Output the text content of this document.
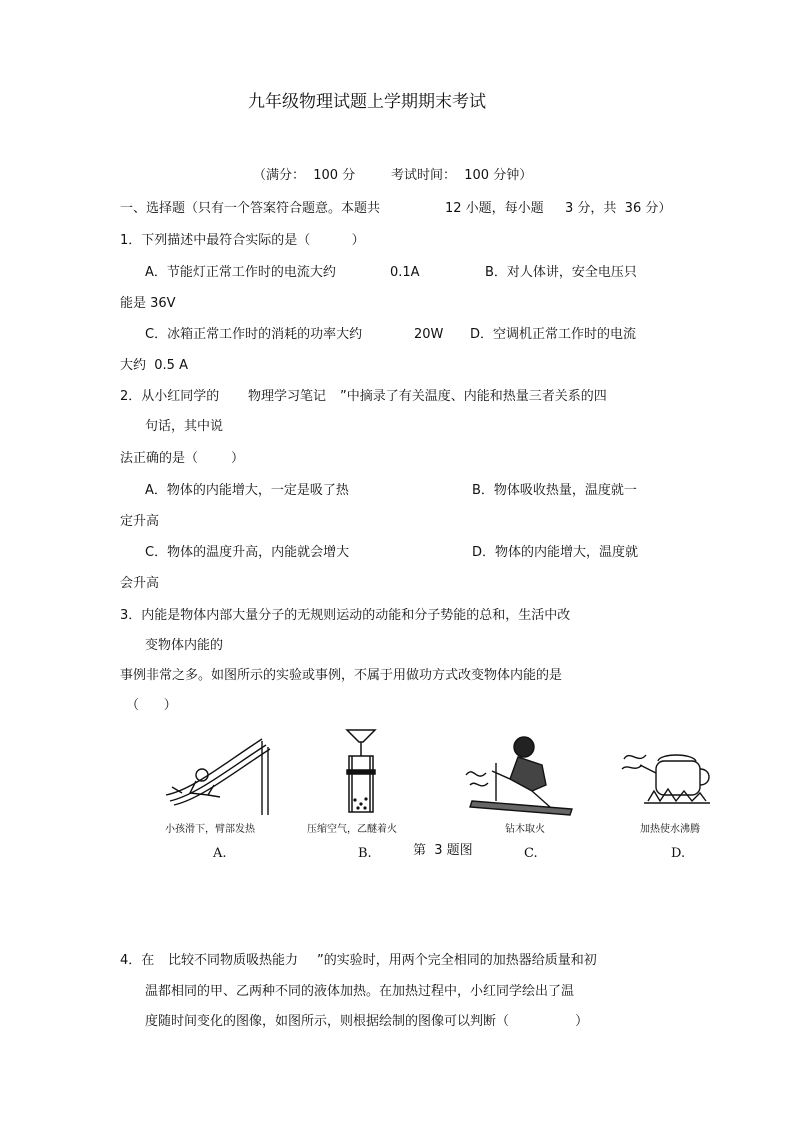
九年级物理试题上学期期末考试
（满分：  100 分	考试时间：  100 分钟）
一、选择题（只有一个答案符合题意。本题共	12 小题，每小题 3 分，共  36 分）
1．下列描述中最符合实际的是（          ）
A．节能灯正常工作时的电流大约	0.1A	B．对人体讲，安全电压只
能是 36V
C．冰箱正常工作时的消耗的功率大约	20W D．空调机正常工作时的电流
大约  0.5 A
2．从小红同学的 物理学习笔记 ”中摘录了有关温度、内能和热量三者关系的四
句话，其中说
法正确的是（        ）
A．物体的内能增大，一定是吸了热	B．物体吸收热量，温度就一
定升高
C．物体的温度升高，内能就会增大	D．物体的内能增大，温度就
会升高
3．内能是物体内部大量分子的无规则运动的动能和分子势能的总和，生活中改
变物体内能的
事例非常之多。如图所示的实验或事例，不属于用做功方式改变物体内能的是
（      ）
小孩滑下，臂部发热
A.
压缩空气，乙醚着火
B.	第  3 题图
钻木取火
C.
加热使水沸腾
D.
4．在 比较不同物质吸热能力 ”的实验时，用两个完全相同的加热器给质量和初
温都相同的甲、乙两种不同的液体加热。在加热过程中，小红同学绘出了温
度随时间变化的图像，如图所示，则根据绘制的图像可以判断（                ）
